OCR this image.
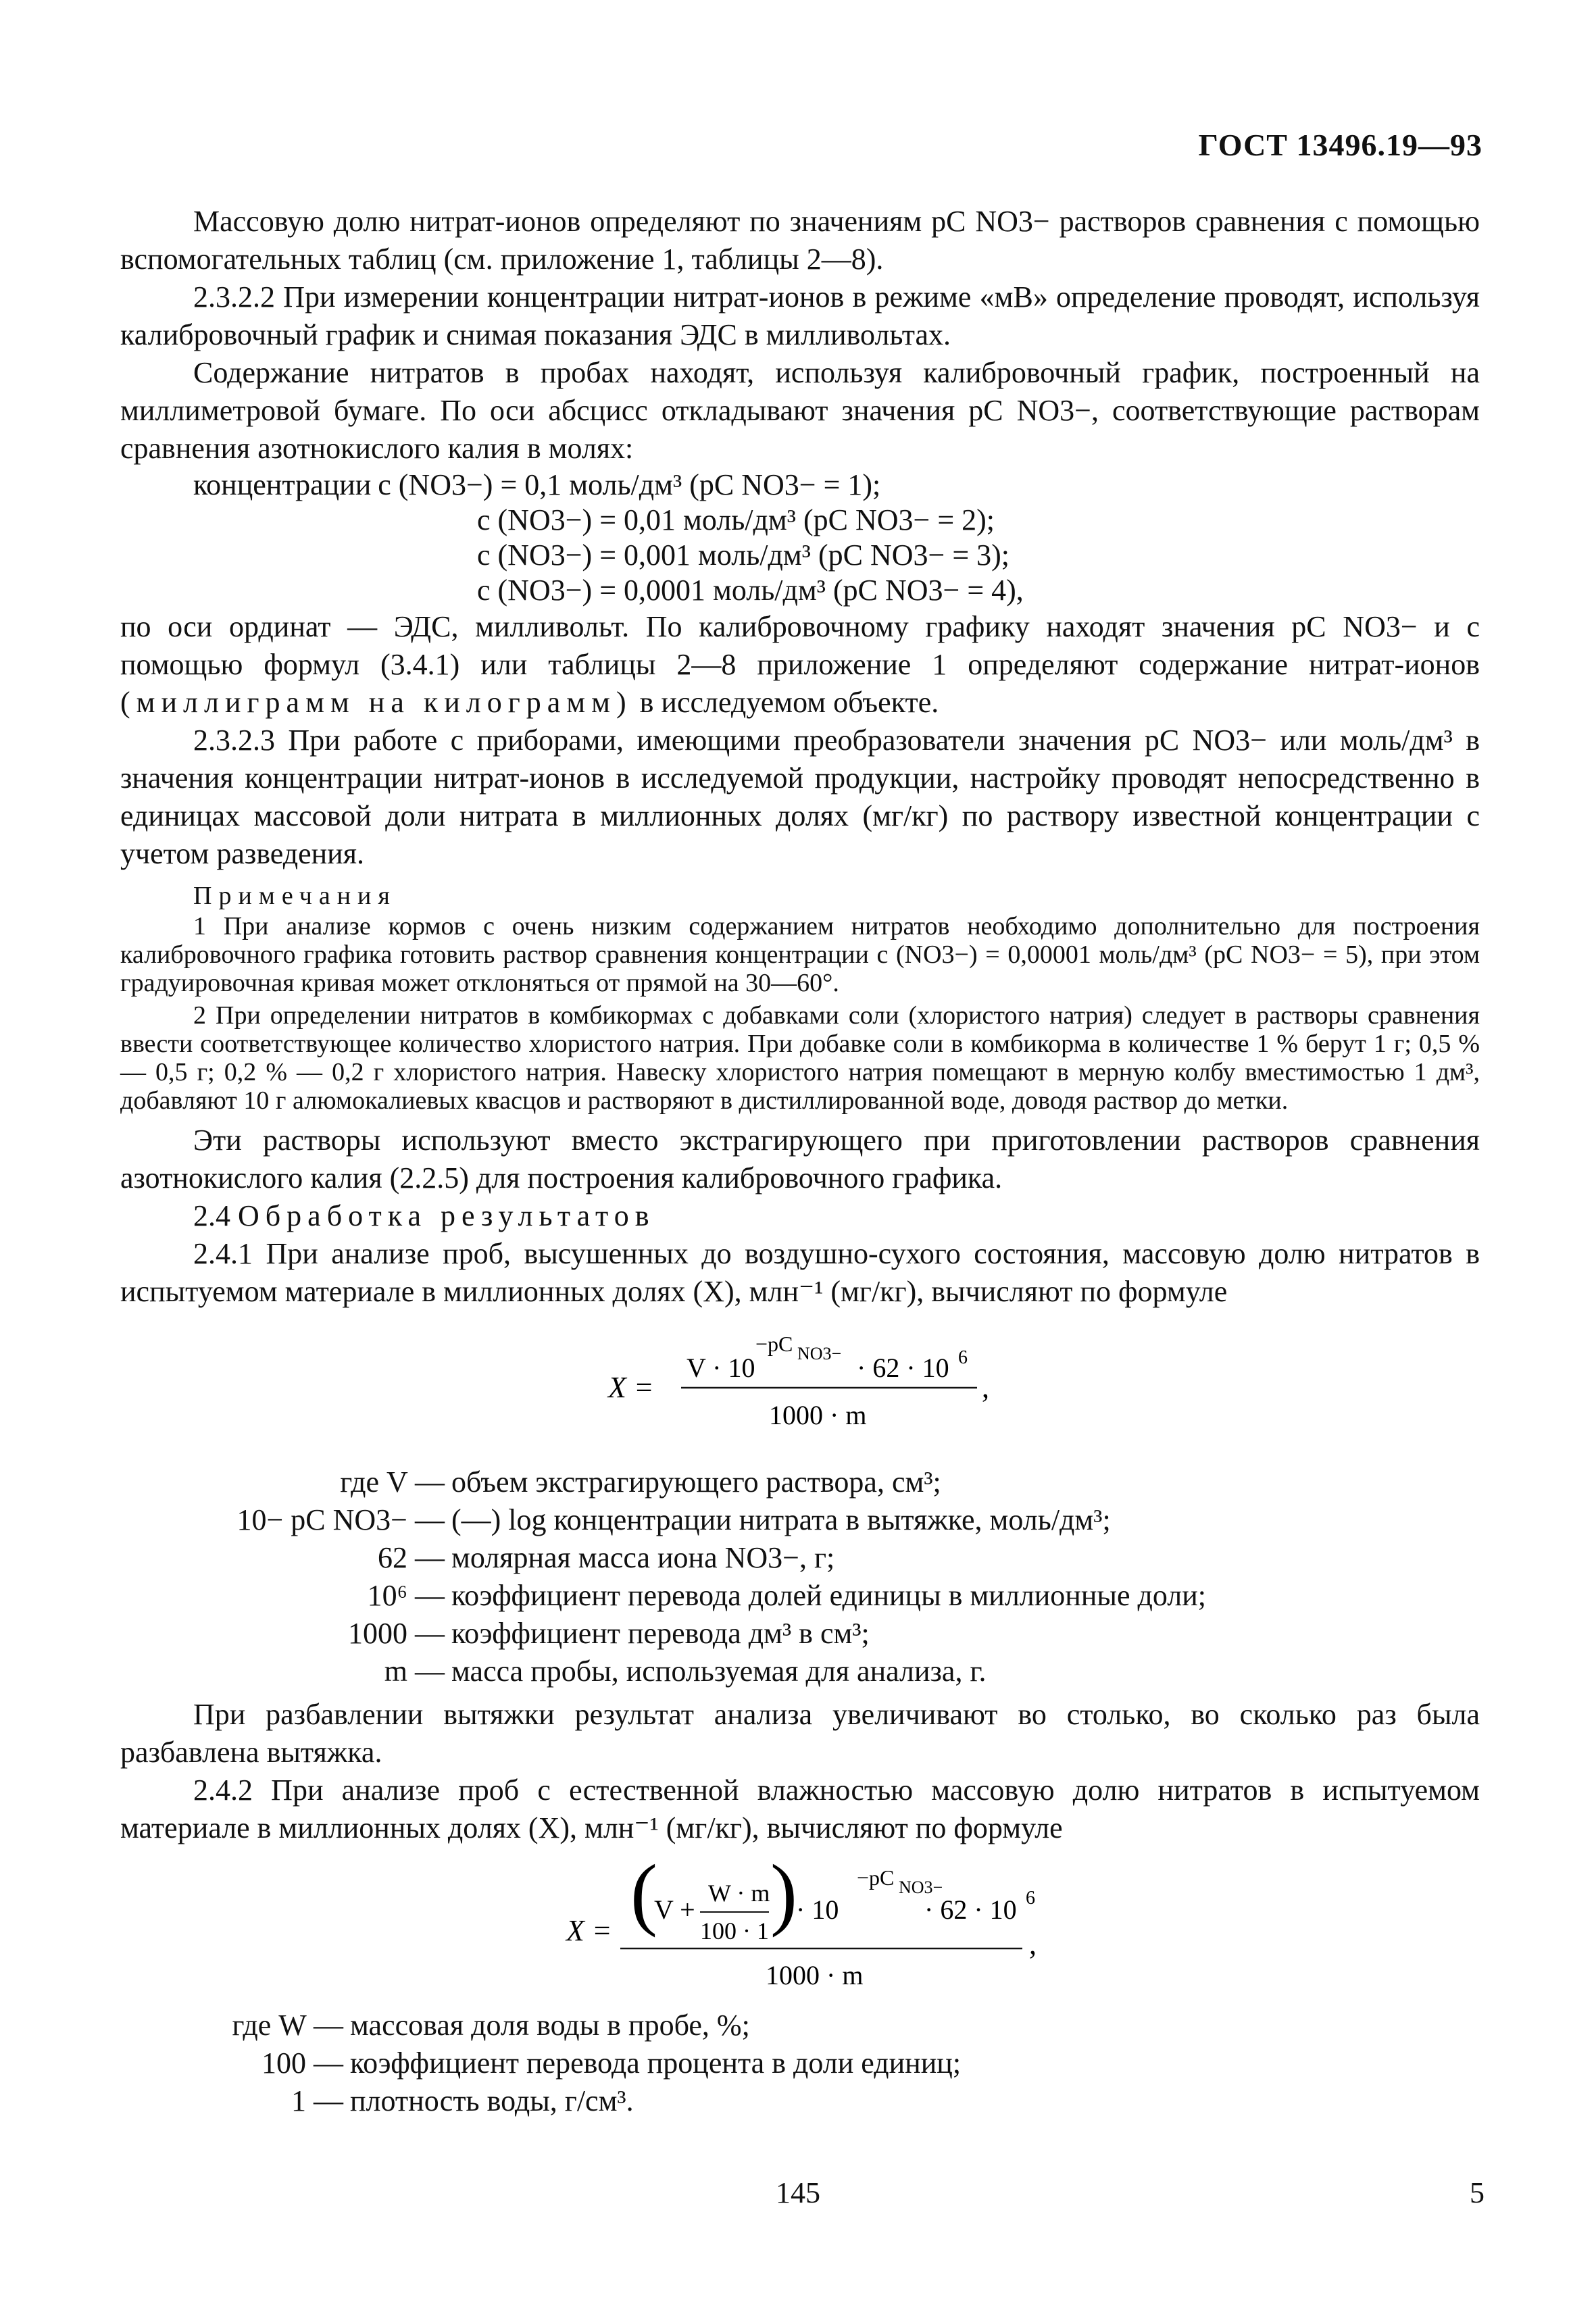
ГОСТ 13496.19—93

Массовую долю нитрат-ионов определяют по значениям pC NO3− растворов сравнения с помощью вспомогательных таблиц (см. приложение 1, таблицы 2—8).

2.3.2.2 При измерении концентрации нитрат-ионов в режиме «мВ» определение проводят, используя калибровочный график и снимая показания ЭДС в милливольтах.

Содержание нитратов в пробах находят, используя калибровочный график, построенный на миллиметровой бумаге. По оси абсцисс откладывают значения pC NO3−, соответствующие растворам сравнения азотнокислого калия в молях:

концентрации c (NO3−) = 0,1 моль/дм³ (pC NO3− = 1);

c (NO3−) = 0,01 моль/дм³ (pC NO3− = 2);

c (NO3−) = 0,001 моль/дм³ (pC NO3− = 3);

c (NO3−) = 0,0001 моль/дм³ (pC NO3− = 4),

по оси ординат — ЭДС, милливольт. По калибровочному графику находят значения pC NO3− и с помощью формул (3.4.1) или таблицы 2—8 приложение 1 определяют содержание нитрат-ионов (миллиграмм на килограмм) в исследуемом объекте.

2.3.2.3 При работе с приборами, имеющими преобразователи значения pC NO3− или моль/дм³ в значения концентрации нитрат-ионов в исследуемой продукции, настройку проводят непосредственно в единицах массовой доли нитрата в миллионных долях (мг/кг) по раствору известной концентрации с учетом разведения.

Примечания

1 При анализе кормов с очень низким содержанием нитратов необходимо дополнительно для построения калибровочного графика готовить раствор сравнения концентрации c (NO3−) = 0,00001 моль/дм³ (pC NO3− = 5), при этом градуировочная кривая может отклоняться от прямой на 30—60°.

2 При определении нитратов в комбикормах с добавками соли (хлористого натрия) следует в растворы сравнения ввести соответствующее количество хлористого натрия. При добавке соли в комбикорма в количестве 1 % берут 1 г; 0,5 % — 0,5 г; 0,2 % — 0,2 г хлористого натрия. Навеску хлористого натрия помещают в мерную колбу вместимостью 1 дм³, добавляют 10 г алюмокалиевых квасцов и растворяют в дистиллированной воде, доводя раствор до метки.

Эти растворы используют вместо экстрагирующего при приготовлении растворов сравнения азотнокислого калия (2.2.5) для построения калибровочного графика.

2.4 Обработка результатов

2.4.1 При анализе проб, высушенных до воздушно-сухого состояния, массовую долю нитратов в испытуемом материале в миллионных долях (X), млн⁻¹ (мг/кг), вычисляют по формуле

X =
V · 10
−pC NO3− · 62 · 10 6
1000 · m
,

где V — объем экстрагирующего раствора, см³;

10− pC NO3− — (—) log концентрации нитрата в вытяжке, моль/дм³;

62 — молярная масса иона NO3−, г;

10⁶ — коэффициент перевода долей единицы в миллионные доли;

1000 — коэффициент перевода дм³ в см³;

m — масса пробы, используемая для анализа, г.

При разбавлении вытяжки результат анализа увеличивают во столько, во сколько раз была разбавлена вытяжка.

2.4.2 При анализе проб с естественной влажностью массовую долю нитратов в испытуемом материале в миллионных долях (X), млн⁻¹ (мг/кг), вычисляют по формуле

X = (
V +
W · m
100 · 1 )
· 10
−pC NO3−
· 62 · 10 6
1000 · m
,

где W — массовая доля воды в пробе, %;

100 — коэффициент перевода процента в доли единиц;

1 — плотность воды, г/см³.

145	5
